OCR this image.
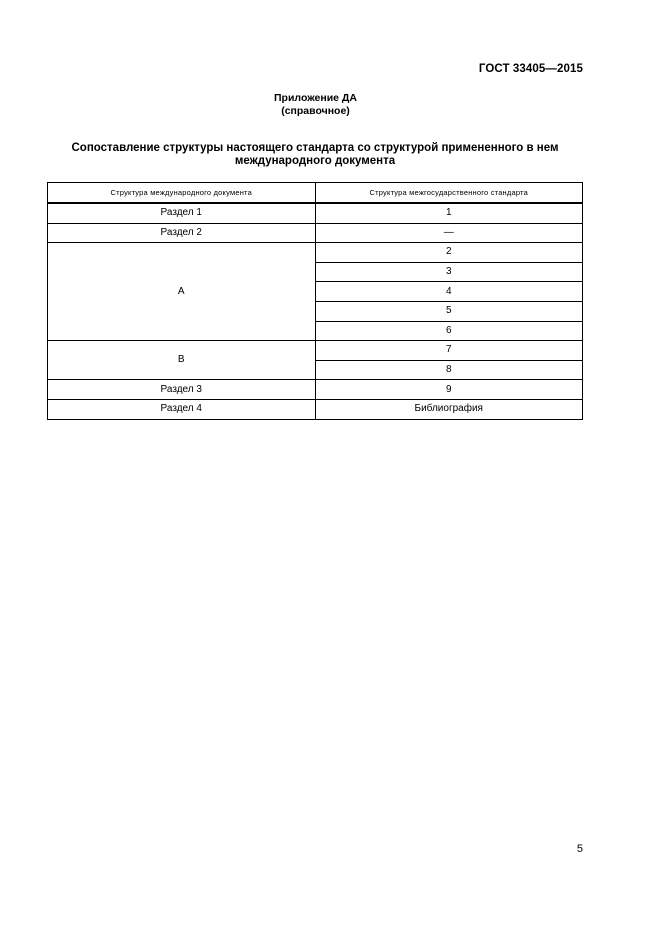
ГОСТ 33405—2015
Приложение ДА
(справочное)
Сопоставление структуры настоящего стандарта со структурой примененного в нем
международного документа
Структура международного документа	Структура межгосударственного стандарта
Раздел 1	1
Раздел 2	—
A	2
	3
	4
	5
	6
B	7
	8
Раздел 3	9
Раздел 4	Библиография
5
